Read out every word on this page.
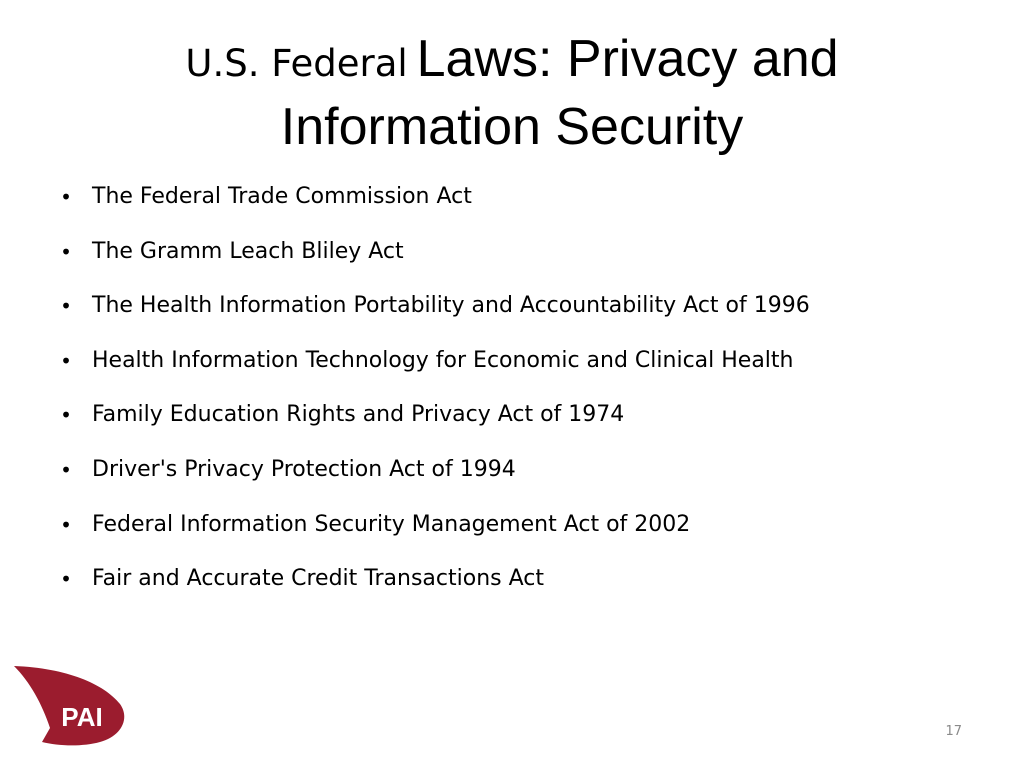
U.S. Federal Laws: Privacy and
Information Security
• The Federal Trade Commission Act
• The Gramm Leach Bliley Act
• The Health Information Portability and Accountability Act of 1996
• Health Information Technology for Economic and Clinical Health
• Family Education Rights and Privacy Act of 1974
• Driver's Privacy Protection Act of 1994
• Federal Information Security Management Act of 2002
• Fair and Accurate Credit Transactions Act
PAI	17
